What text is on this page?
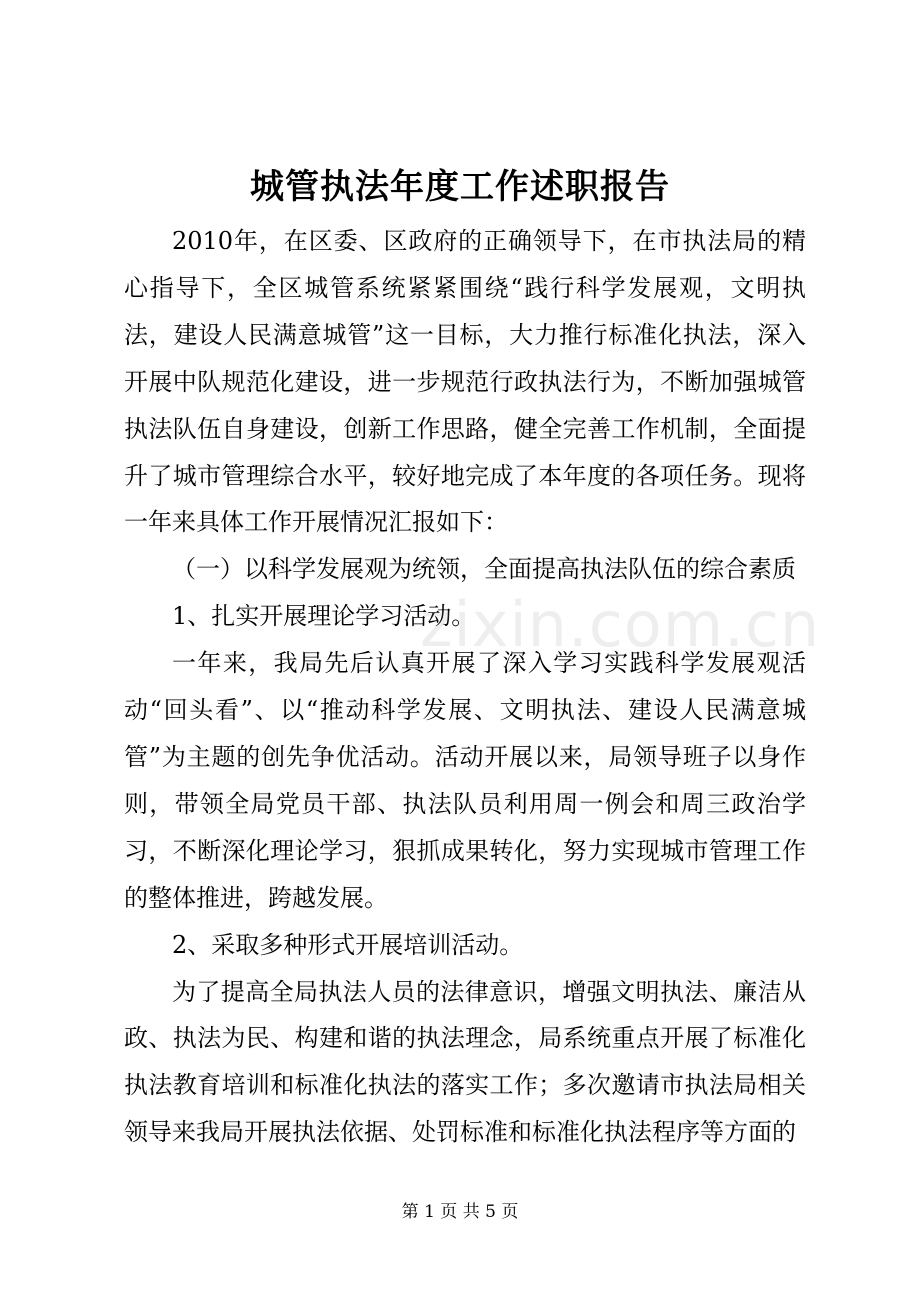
城管执法年度工作述职报告

2010年，在区委、区政府的正确领导下，在市执法局的精心指导下，全区城管系统紧紧围绕“践行科学发展观，文明执法，建设人民满意城管”这一目标，大力推行标准化执法，深入开展中队规范化建设，进一步规范行政执法行为，不断加强城管执法队伍自身建设，创新工作思路，健全完善工作机制，全面提升了城市管理综合水平，较好地完成了本年度的各项任务。现将一年来具体工作开展情况汇报如下：

（一）以科学发展观为统领，全面提高执法队伍的综合素质

1、扎实开展理论学习活动。

一年来，我局先后认真开展了深入学习实践科学发展观活动“回头看”、以“推动科学发展、文明执法、建设人民满意城管”为主题的创先争优活动。活动开展以来，局领导班子以身作则，带领全局党员干部、执法队员利用周一例会和周三政治学习，不断深化理论学习，狠抓成果转化，努力实现城市管理工作的整体推进，跨越发展。

2、采取多种形式开展培训活动。

为了提高全局执法人员的法律意识，增强文明执法、廉洁从政、执法为民、构建和谐的执法理念，局系统重点开展了标准化执法教育培训和标准化执法的落实工作；多次邀请市执法局相关领导来我局开展执法依据、处罚标准和标准化执法程序等方面的

zixin.com.cn
第 1 页 共 5 页
